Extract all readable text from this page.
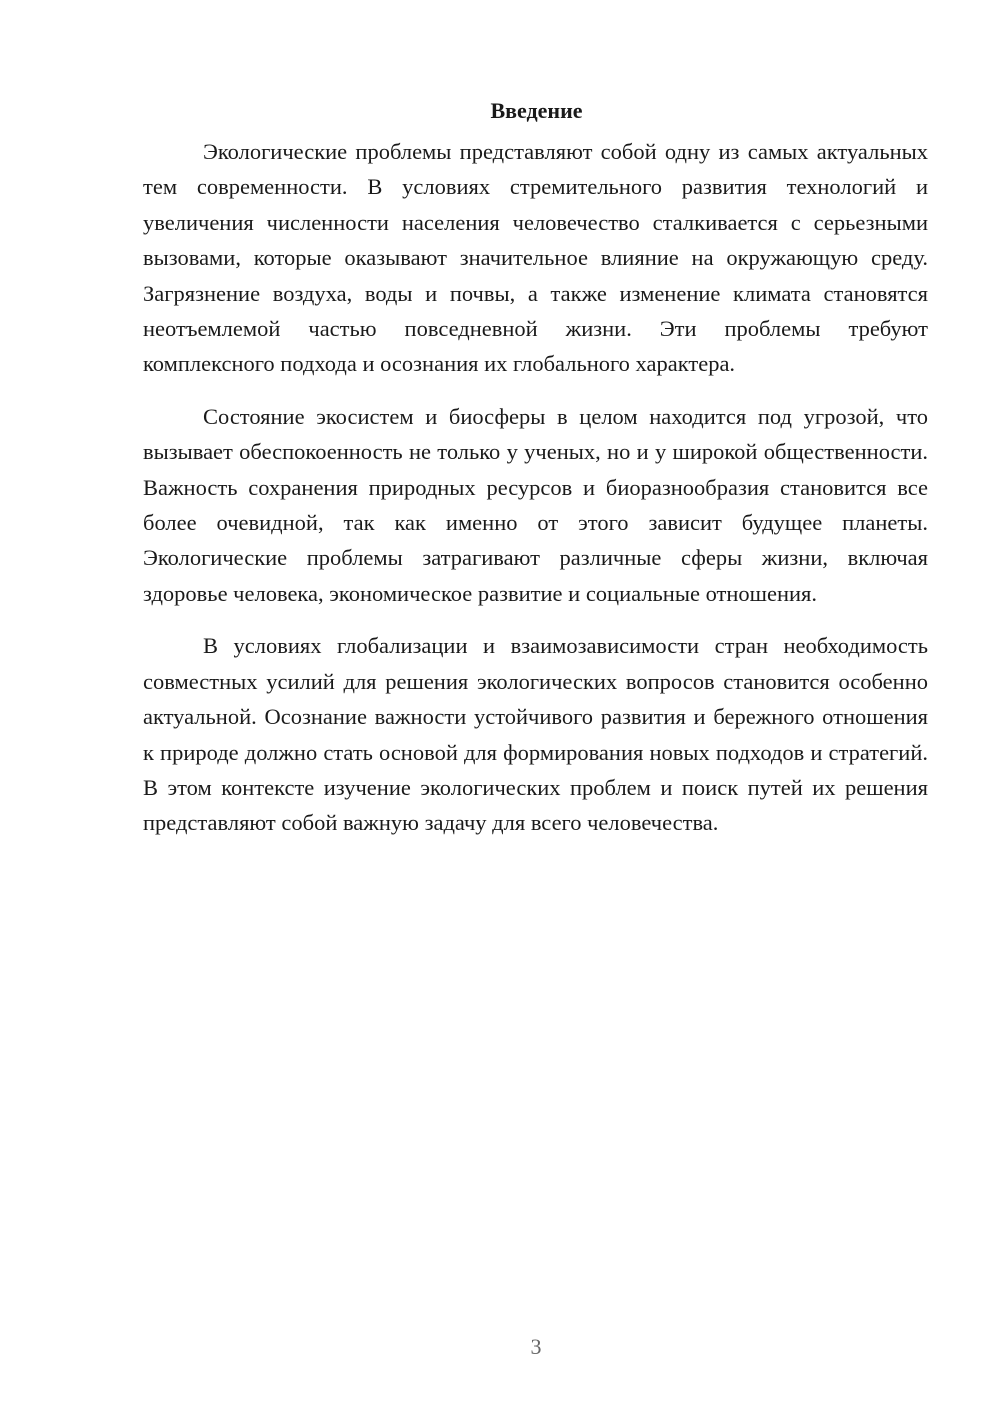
Введение

Экологические проблемы представляют собой одну из самых актуальных тем современности. В условиях стремительного развития технологий и увеличения численности населения человечество сталкивается с серьезными вызовами, которые оказывают значительное влияние на окружающую среду. Загрязнение воздуха, воды и почвы, а также изменение климата становятся неотъемлемой частью повседневной жизни. Эти проблемы требуют комплексного подхода и осознания их глобального характера.

Состояние экосистем и биосферы в целом находится под угрозой, что вызывает обеспокоенность не только у ученых, но и у широкой общественности. Важность сохранения природных ресурсов и биоразнообразия становится все более очевидной, так как именно от этого зависит будущее планеты. Экологические проблемы затрагивают различные сферы жизни, включая здоровье человека, экономическое развитие и социальные отношения.

В условиях глобализации и взаимозависимости стран необходимость совместных усилий для решения экологических вопросов становится особенно актуальной. Осознание важности устойчивого развития и бережного отношения к природе должно стать основой для формирования новых подходов и стратегий. В этом контексте изучение экологических проблем и поиск путей их решения представляют собой важную задачу для всего человечества.

3
